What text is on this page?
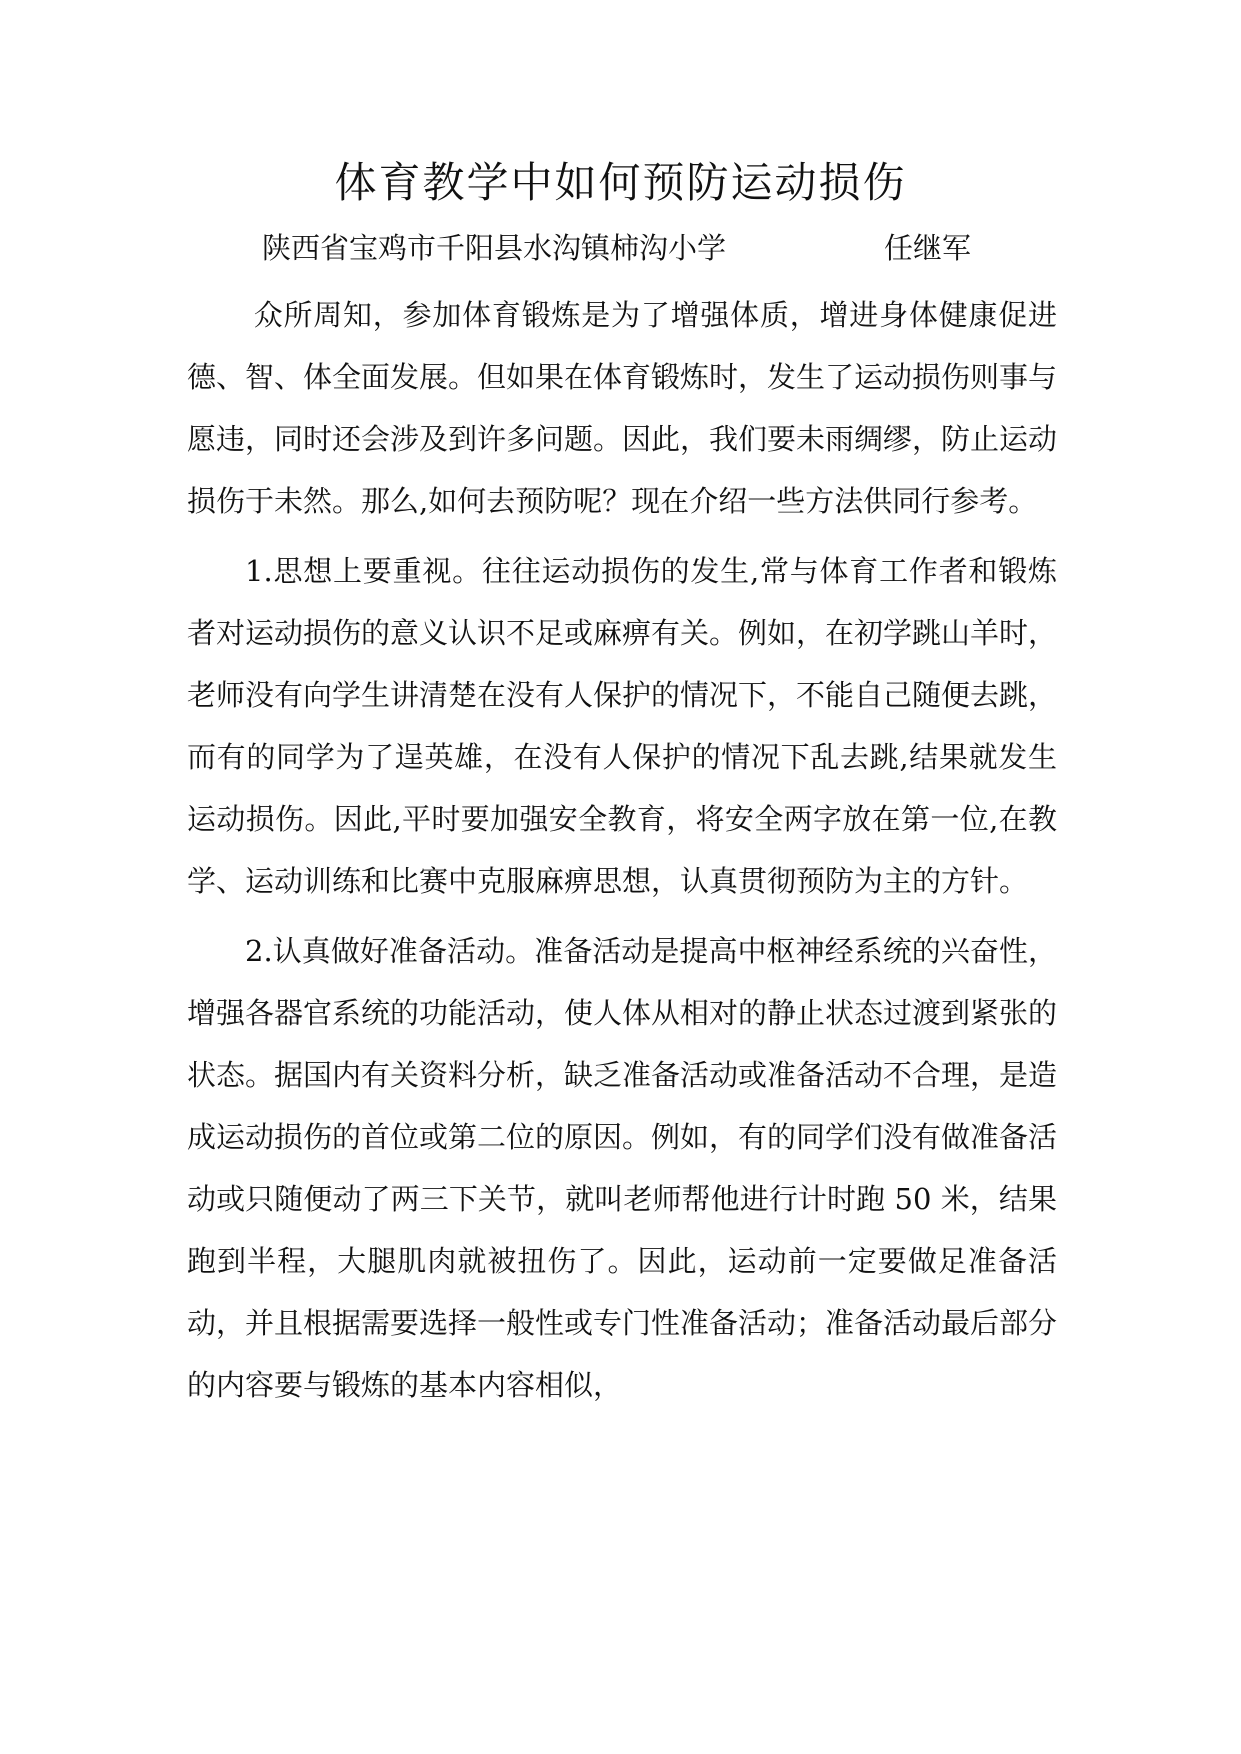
体育教学中如何预防运动损伤
陕西省宝鸡市千阳县水沟镇柿沟小学	任继军

众所周知，参加体育锻炼是为了增强体质，增进身体健康促进德、智、体全面发展。但如果在体育锻炼时，发生了运动损伤则事与愿违，同时还会涉及到许多问题。因此，我们要未雨绸缪，防止运动损伤于未然。那么,如何去预防呢？现在介绍一些方法供同行参考。

1.思想上要重视。往往运动损伤的发生,常与体育工作者和锻炼者对运动损伤的意义认识不足或麻痹有关。例如，在初学跳山羊时，老师没有向学生讲清楚在没有人保护的情况下，不能自己随便去跳，而有的同学为了逞英雄，在没有人保护的情况下乱去跳,结果就发生运动损伤。因此,平时要加强安全教育，将安全两字放在第一位,在教学、运动训练和比赛中克服麻痹思想，认真贯彻预防为主的方针。

2.认真做好准备活动。准备活动是提高中枢神经系统的兴奋性，增强各器官系统的功能活动，使人体从相对的静止状态过渡到紧张的状态。据国内有关资料分析，缺乏准备活动或准备活动不合理，是造成运动损伤的首位或第二位的原因。例如，有的同学们没有做准备活动或只随便动了两三下关节，就叫老师帮他进行计时跑 50 米，结果跑到半程，大腿肌肉就被扭伤了。因此，运动前一定要做足准备活动，并且根据需要选择一般性或专门性准备活动；准备活动最后部分的内容要与锻炼的基本内容相似，
